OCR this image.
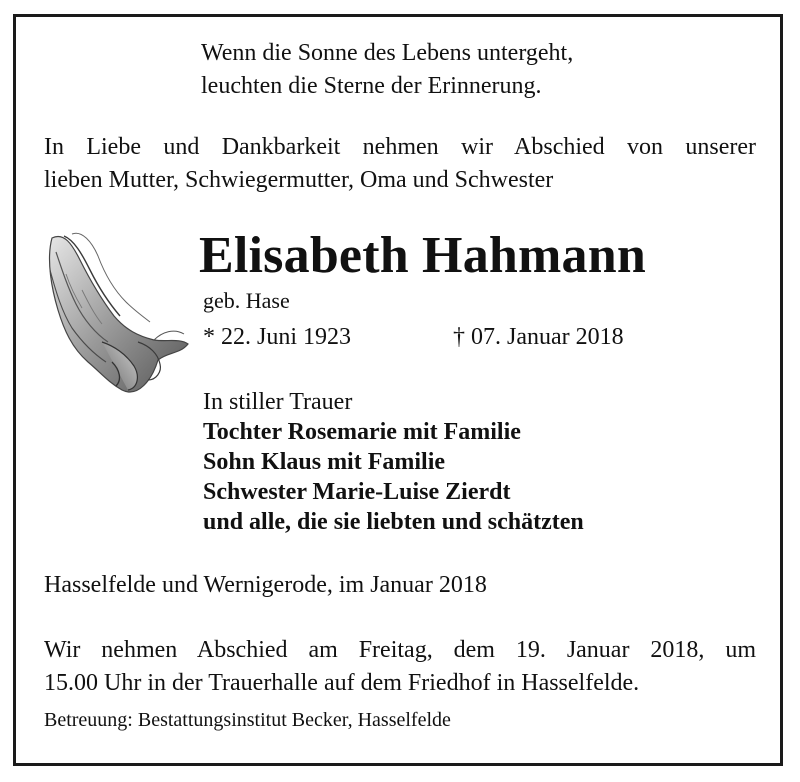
Wenn die Sonne des Lebens untergeht,
leuchten die Sterne der Erinnerung.
In Liebe und Dankbarkeit nehmen wir Abschied von unserer
lieben Mutter, Schwiegermutter, Oma und Schwester
Elisabeth Hahmann
geb. Hase
* 22. Juni 1923	† 07. Januar 2018
In stiller Trauer
Tochter Rosemarie mit Familie
Sohn Klaus mit Familie
Schwester Marie-Luise Zierdt
und alle, die sie liebten und schätzten
Hasselfelde und Wernigerode, im Januar 2018
Wir nehmen Abschied am Freitag, dem 19. Januar 2018, um
15.00 Uhr in der Trauerhalle auf dem Friedhof in Hasselfelde.
Betreuung: Bestattungsinstitut Becker, Hasselfelde
